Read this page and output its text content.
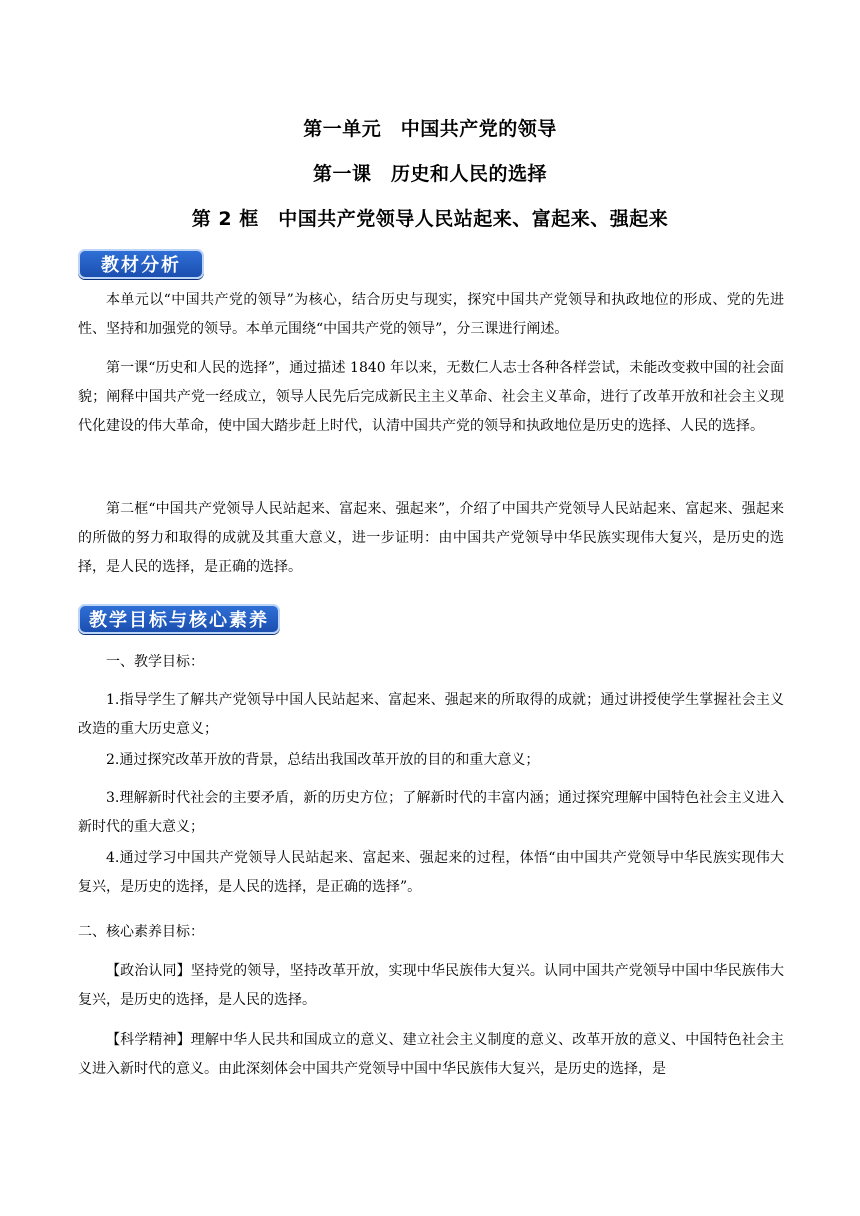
第一单元　中国共产党的领导
第一课　历史和人民的选择
第 2 框　中国共产党领导人民站起来、富起来、强起来
教材分析

本单元以“中国共产党的领导”为核心，结合历史与现实，探究中国共产党领导和执政地位的形成、党的先进性、坚持和加强党的领导。本单元围绕“中国共产党的领导”，分三课进行阐述。

第一课“历史和人民的选择”，通过描述 1840 年以来，无数仁人志士各种各样尝试，未能改变救中国的社会面貌；阐释中国共产党一经成立，领导人民先后完成新民主主义革命、社会主义革命，进行了改革开放和社会主义现代化建设的伟大革命，使中国大踏步赶上时代，认清中国共产党的领导和执政地位是历史的选择、人民的选择。

第二框“中国共产党领导人民站起来、富起来、强起来”，介绍了中国共产党领导人民站起来、富起来、强起来的所做的努力和取得的成就及其重大意义，进一步证明：由中国共产党领导中华民族实现伟大复兴，是历史的选择，是人民的选择，是正确的选择。

教学目标与核心素养

一、教学目标：

1.指导学生了解共产党领导中国人民站起来、富起来、强起来的所取得的成就；通过讲授使学生掌握社会主义改造的重大历史意义；

2.通过探究改革开放的背景，总结出我国改革开放的目的和重大意义；

3.理解新时代社会的主要矛盾，新的历史方位；了解新时代的丰富内涵；通过探究理解中国特色社会主义进入新时代的重大意义；

4.通过学习中国共产党领导人民站起来、富起来、强起来的过程，体悟“由中国共产党领导中华民族实现伟大复兴，是历史的选择，是人民的选择，是正确的选择”。

二、核心素养目标：

【政治认同】坚持党的领导，坚持改革开放，实现中华民族伟大复兴。认同中国共产党领导中国中华民族伟大复兴，是历史的选择，是人民的选择。

【科学精神】理解中华人民共和国成立的意义、建立社会主义制度的意义、改革开放的意义、中国特色社会主义进入新时代的意义。由此深刻体会中国共产党领导中国中华民族伟大复兴，是历史的选择，是
